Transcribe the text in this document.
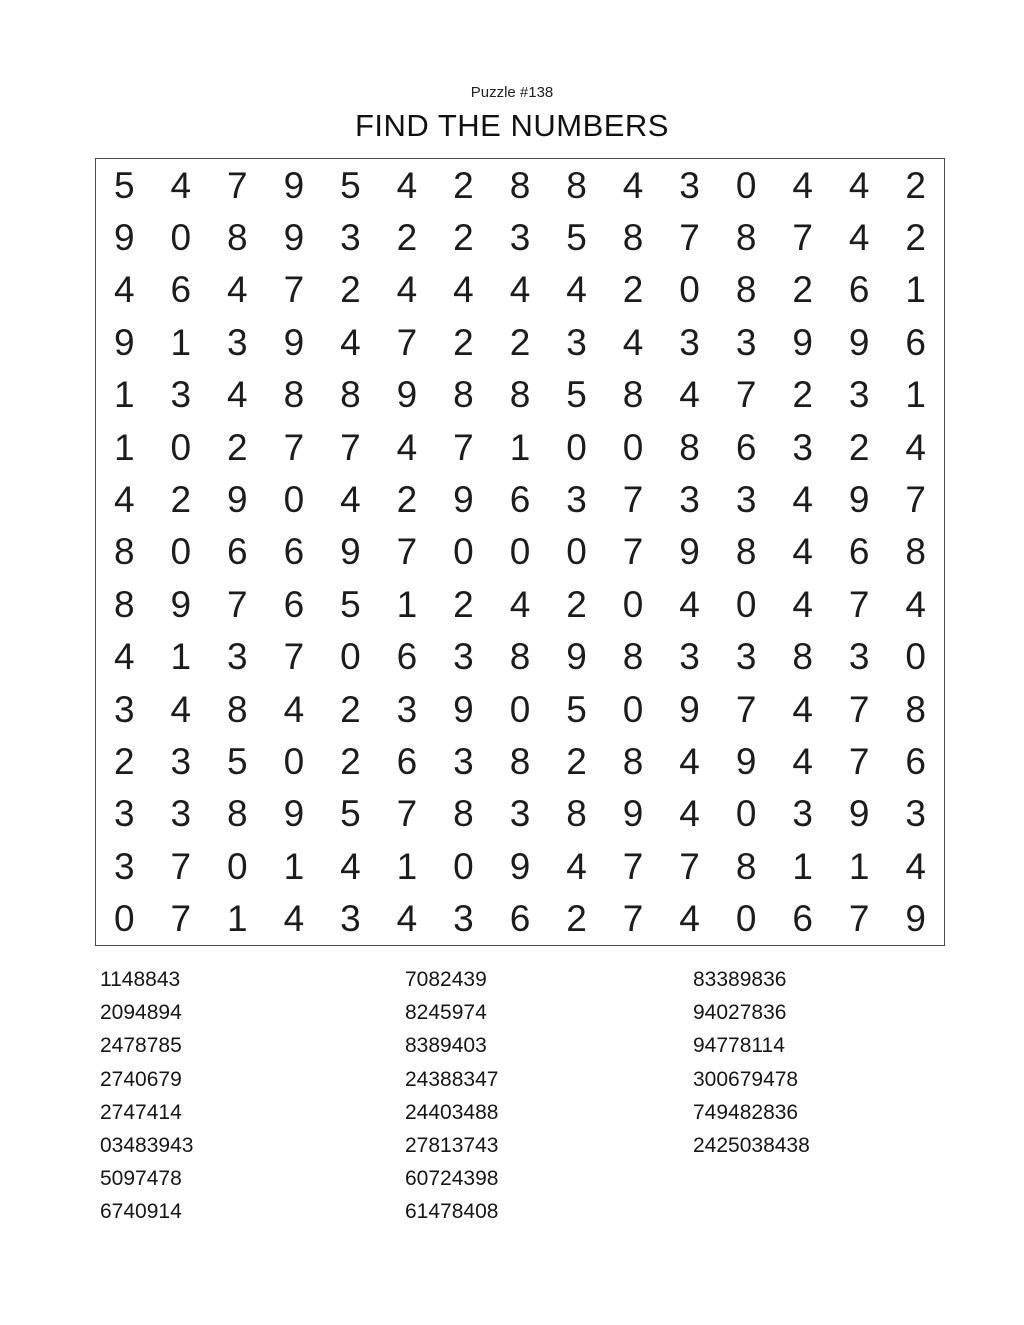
Puzzle #138
FIND THE NUMBERS
5 4 7 9 5 4 2 8 8 4 3 0 4 4 2
9 0 8 9 3 2 2 3 5 8 7 8 7 4 2
4 6 4 7 2 4 4 4 4 2 0 8 2 6 1
9 1 3 9 4 7 2 2 3 4 3 3 9 9 6
1 3 4 8 8 9 8 8 5 8 4 7 2 3 1
1 0 2 7 7 4 7 1 0 0 8 6 3 2 4
4 2 9 0 4 2 9 6 3 7 3 3 4 9 7
8 0 6 6 9 7 0 0 0 7 9 8 4 6 8
8 9 7 6 5 1 2 4 2 0 4 0 4 7 4
4 1 3 7 0 6 3 8 9 8 3 3 8 3 0
3 4 8 4 2 3 9 0 5 0 9 7 4 7 8
2 3 5 0 2 6 3 8 2 8 4 9 4 7 6
3 3 8 9 5 7 8 3 8 9 4 0 3 9 3
3 7 0 1 4 1 0 9 4 7 7 8 1 1 4
0 7 1 4 3 4 3 6 2 7 4 0 6 7 9
1148843
2094894
2478785
2740679
2747414
03483943
5097478
6740914
7082439
8245974
8389403
24388347
24403488
27813743
60724398
61478408
83389836
94027836
94778114
300679478
749482836
2425038438
